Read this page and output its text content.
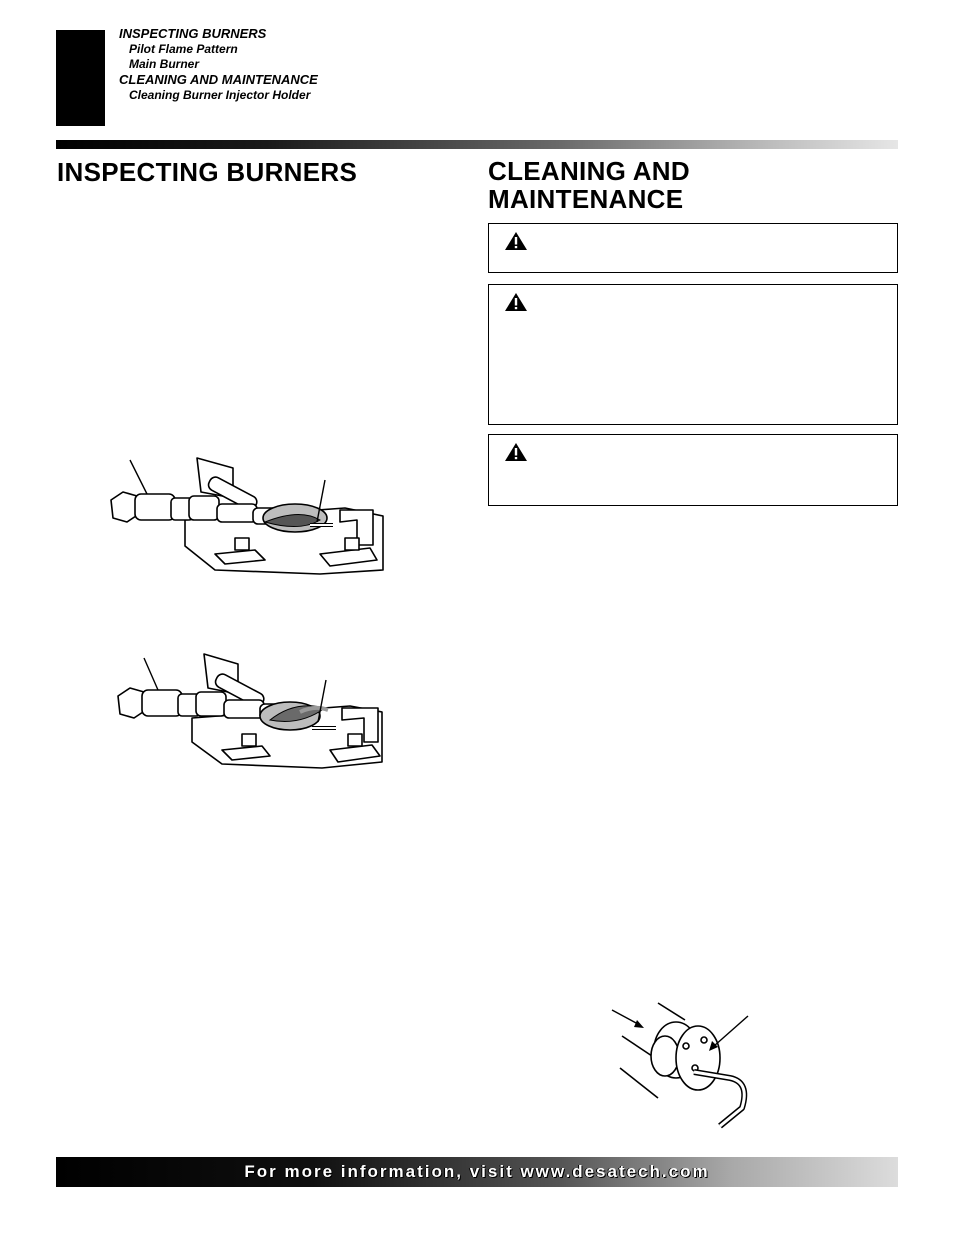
INSPECTING BURNERS
Pilot Flame Pattern
Main Burner
CLEANING AND MAINTENANCE
Cleaning Burner Injector Holder
INSPECTING BURNERS	CLEANING AND
MAINTENANCE
For more information, visit www.desatech.com
